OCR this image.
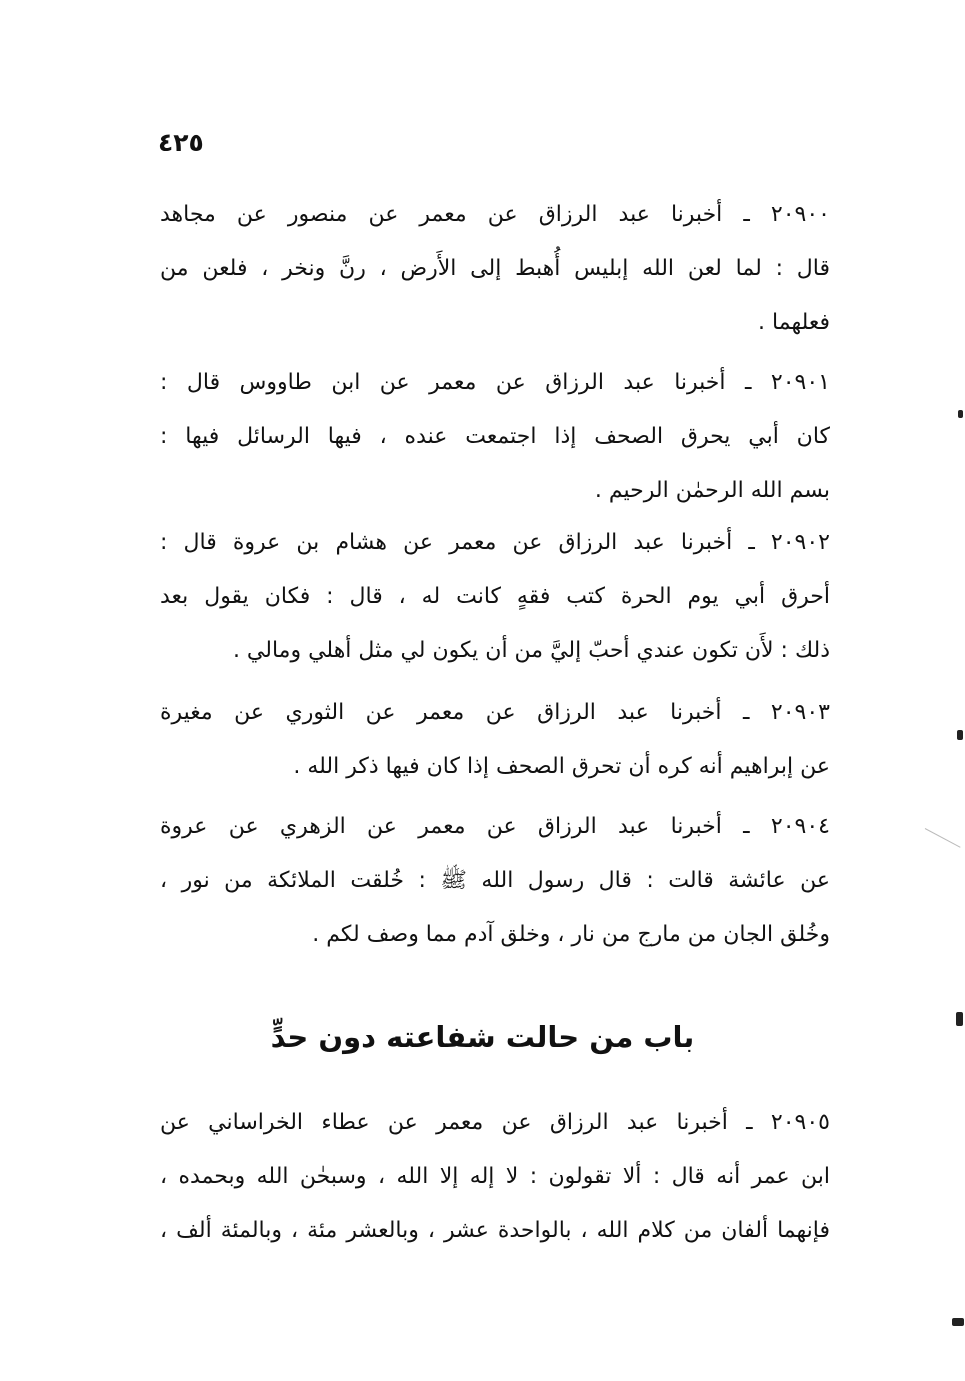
٤٢٥
٢٠٩٠٠ ـ أخبرنا عبد الرزاق عن معمر عن منصور عن مجاهد
قال : لما لعن الله إبليس أُهبط إلى الأَرض ، رنَّ ونخر ، فلعن من
فعلهما .
٢٠٩٠١ ـ أخبرنا عبد الرزاق عن معمر عن ابن طاووس قال :
كان أبي يحرق الصحف إذا اجتمعت عنده ، فيها الرسائل فيها :
بسم الله الرحمٰن الرحيم .
٢٠٩٠٢ ـ أخبرنا عبد الرزاق عن معمر عن هشام بن عروة قال :
أحرق أبي يوم الحرة كتب فقهٍ كانت له ، قال : فكان يقول بعد
ذلك : لأَن تكون عندي أحبّ إليَّ من أن يكون لي مثل أهلي ومالي .
٢٠٩٠٣ ـ أخبرنا عبد الرزاق عن معمر عن الثوري عن مغيرة
عن إبراهيم أنه كره أن تحرق الصحف إذا كان فيها ذكر الله .
٢٠٩٠٤ ـ أخبرنا عبد الرزاق عن معمر عن الزهري عن عروة
عن عائشة قالت : قال رسول الله ﷺ : خُلقت الملائكة من نور ،
وخُلق الجان من مارج من نار ، وخلق آدم مما وصف لكم .
باب من حالت شفاعته دون حدٍّ
٢٠٩٠٥ ـ أخبرنا عبد الرزاق عن معمر عن عطاء الخراساني عن
ابن عمر أنه قال : ألا تقولون : لا إله إلا الله ، وسبحٰن الله وبحمده ،
فإنهما ألفان من كلام الله ، بالواحدة عشر ، وبالعشر مئة ، وبالمئة ألف ،
